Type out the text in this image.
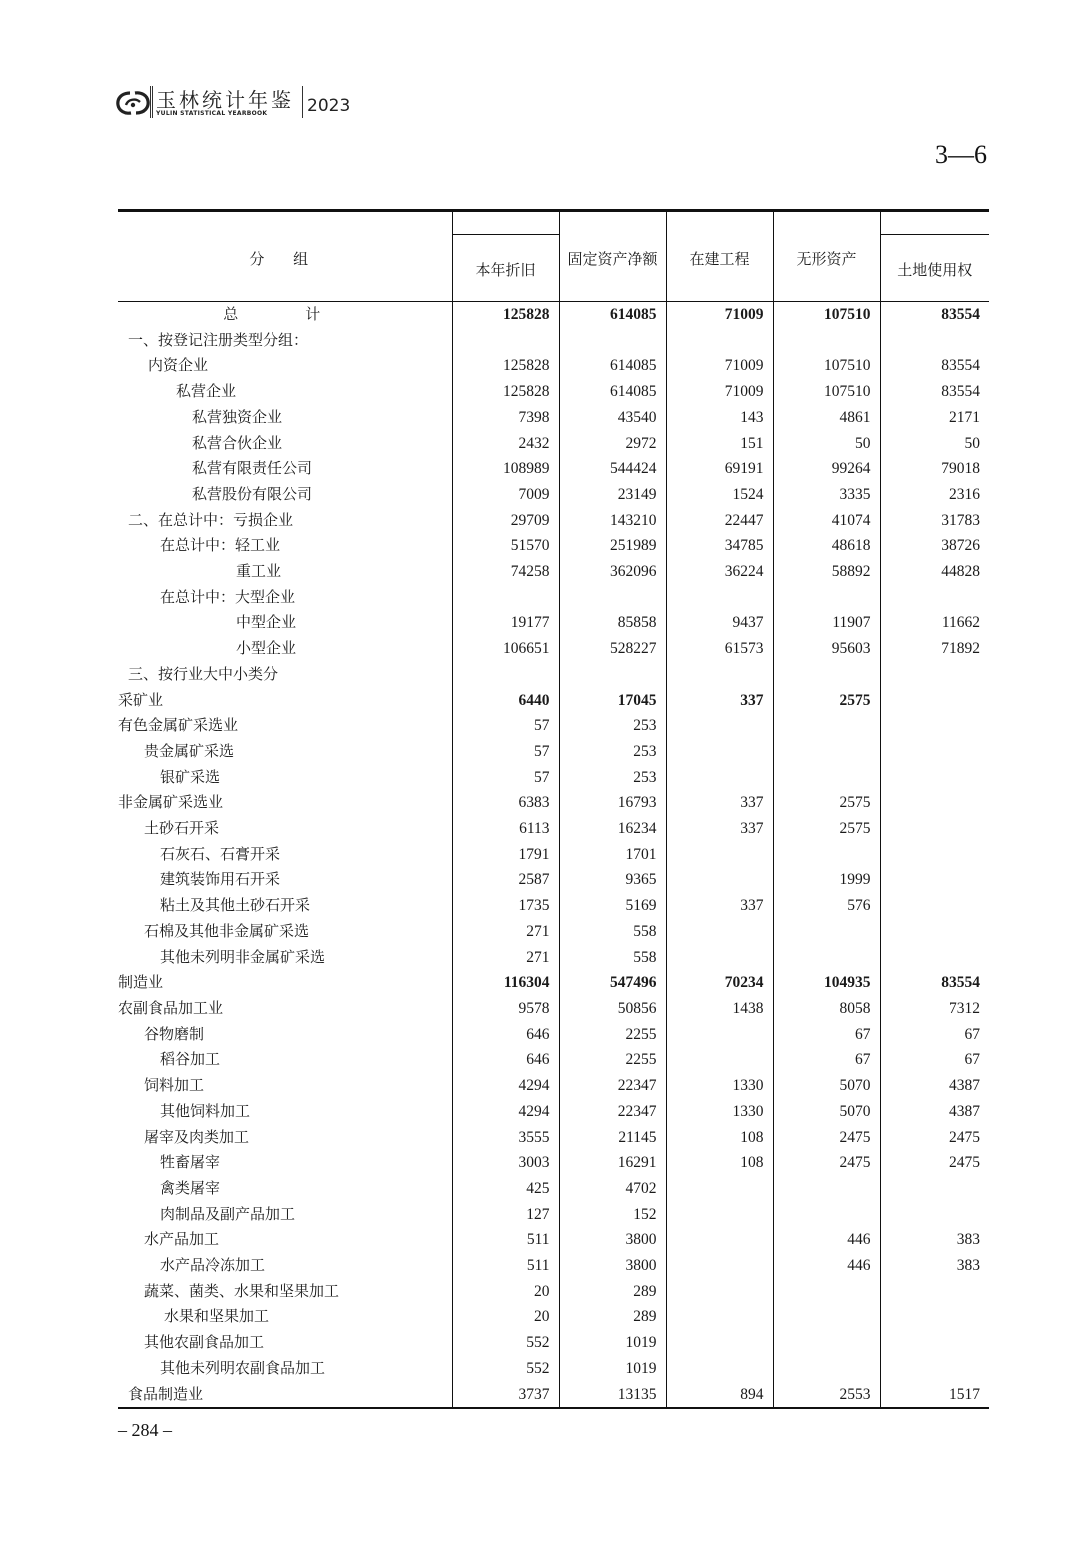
玉林统计年鉴
YULIN STATISTICAL YEARBOOK 2023
3—6
分 组	本年折旧	固定资产净额	在建工程	无形资产	土地使用权

总　计	125828	614085	71009	107510	83554
一、按登记注册类型分组：					
内资企业	125828	614085	71009	107510	83554
私营企业	125828	614085	71009	107510	83554
私营独资企业	7398	43540	143	4861	2171
私营合伙企业	2432	2972	151	50	50
私营有限责任公司	108989	544424	69191	99264	79018
私营股份有限公司	7009	23149	1524	3335	2316
二、在总计中：亏损企业	29709	143210	22447	41074	31783
在总计中：轻工业	51570	251989	34785	48618	38726
重工业	74258	362096	36224	58892	44828
在总计中：大型企业					
中型企业	19177	85858	9437	11907	11662
小型企业	106651	528227	61573	95603	71892
三、按行业大中小类分					
采矿业	6440	17045	337	2575	
有色金属矿采选业	57	253			
贵金属矿采选	57	253			
银矿采选	57	253			
非金属矿采选业	6383	16793	337	2575	
土砂石开采	6113	16234	337	2575	
石灰石、石膏开采	1791	1701			
建筑装饰用石开采	2587	9365		1999	
粘土及其他土砂石开采	1735	5169	337	576	
石棉及其他非金属矿采选	271	558			
其他未列明非金属矿采选	271	558			
制造业	116304	547496	70234	104935	83554
农副食品加工业	9578	50856	1438	8058	7312
谷物磨制	646	2255		67	67
稻谷加工	646	2255		67	67
饲料加工	4294	22347	1330	5070	4387
其他饲料加工	4294	22347	1330	5070	4387
屠宰及肉类加工	3555	21145	108	2475	2475
牲畜屠宰	3003	16291	108	2475	2475
禽类屠宰	425	4702			
肉制品及副产品加工	127	152			
水产品加工	511	3800		446	383
水产品冷冻加工	511	3800		446	383
蔬菜、菌类、水果和坚果加工	20	289			
水果和坚果加工	20	289			
其他农副食品加工	552	1019			
其他未列明农副食品加工	552	1019			
食品制造业	3737	13135	894	2553	1517
– 284 –
